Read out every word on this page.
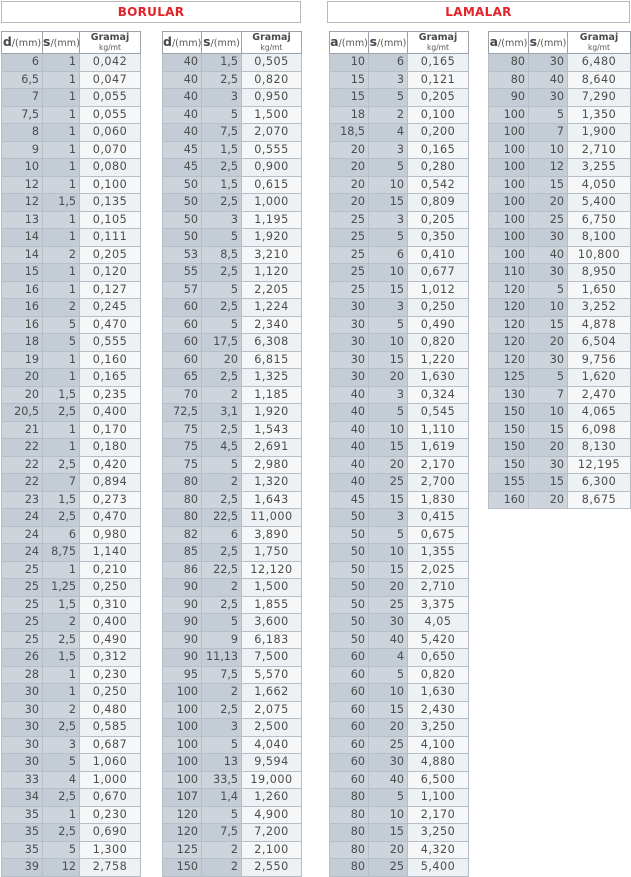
BORULAR	LAMALAR
d/(mm)	s/(mm)	Gramaj
kg/mt

6	1	0,042
6,5	1	0,047
7	1	0,055
7,5	1	0,055
8	1	0,060
9	1	0,070
10	1	0,080
12	1	0,100
12	1,5	0,135
13	1	0,105
14	1	0,111
14	2	0,205
15	1	0,120
16	1	0,127
16	2	0,245
16	5	0,470
18	5	0,555
19	1	0,160
20	1	0,165
20	1,5	0,235
20,5	2,5	0,400
21	1	0,170
22	1	0,180
22	2,5	0,420
22	7	0,894
23	1,5	0,273
24	2,5	0,470
24	6	0,980
24	8,75	1,140
25	1	0,210
25	1,25	0,250
25	1,5	0,310
25	2	0,400
25	2,5	0,490
26	1,5	0,312
28	1	0,230
30	1	0,250
30	2	0,480
30	2,5	0,585
30	3	0,687
30	5	1,060
33	4	1,000
34	2,5	0,670
35	1	0,230
35	2,5	0,690
35	5	1,300
39	12	2,758
d/(mm)	s/(mm)	Gramaj
kg/mt

40	1,5	0,505
40	2,5	0,820
40	3	0,950
40	5	1,500
40	7,5	2,070
45	1,5	0,555
45	2,5	0,900
50	1,5	0,615
50	2,5	1,000
50	3	1,195
50	5	1,920
53	8,5	3,210
55	2,5	1,120
57	5	2,205
60	2,5	1,224
60	5	2,340
60	17,5	6,308
60	20	6,815
65	2,5	1,325
70	2	1,185
72,5	3,1	1,920
75	2,5	1,543
75	4,5	2,691
75	5	2,980
80	2	1,320
80	2,5	1,643
80	22,5	11,000
82	6	3,890
85	2,5	1,750
86	22,5	12,120
90	2	1,500
90	2,5	1,855
90	5	3,600
90	9	6,183
90	11,13	7,500
95	7,5	5,570
100	2	1,662
100	2,5	2,075
100	3	2,500
100	5	4,040
100	13	9,594
100	33,5	19,000
107	1,4	1,260
120	5	4,900
120	7,5	7,200
125	2	2,100
150	2	2,550
a/(mm)	s/(mm)	Gramaj
kg/mt

10	6	0,165
15	3	0,121
15	5	0,205
18	2	0,100
18,5	4	0,200
20	3	0,165
20	5	0,280
20	10	0,542
20	15	0,809
25	3	0,205
25	5	0,350
25	6	0,410
25	10	0,677
25	15	1,012
30	3	0,250
30	5	0,490
30	10	0,820
30	15	1,220
30	20	1,630
40	3	0,324
40	5	0,545
40	10	1,110
40	15	1,619
40	20	2,170
40	25	2,700
45	15	1,830
50	3	0,415
50	5	0,675
50	10	1,355
50	15	2,025
50	20	2,710
50	25	3,375
50	30	4,05
50	40	5,420
60	4	0,650
60	5	0,820
60	10	1,630
60	15	2,430
60	20	3,250
60	25	4,100
60	30	4,880
60	40	6,500
80	5	1,100
80	10	2,170
80	15	3,250
80	20	4,320
80	25	5,400
a/(mm)	s/(mm)	Gramaj
kg/mt

80	30	6,480
80	40	8,640
90	30	7,290
100	5	1,350
100	7	1,900
100	10	2,710
100	12	3,255
100	15	4,050
100	20	5,400
100	25	6,750
100	30	8,100
100	40	10,800
110	30	8,950
120	5	1,650
120	10	3,252
120	15	4,878
120	20	6,504
120	30	9,756
125	5	1,620
130	7	2,470
150	10	4,065
150	15	6,098
150	20	8,130
150	30	12,195
155	15	6,300
160	20	8,675
